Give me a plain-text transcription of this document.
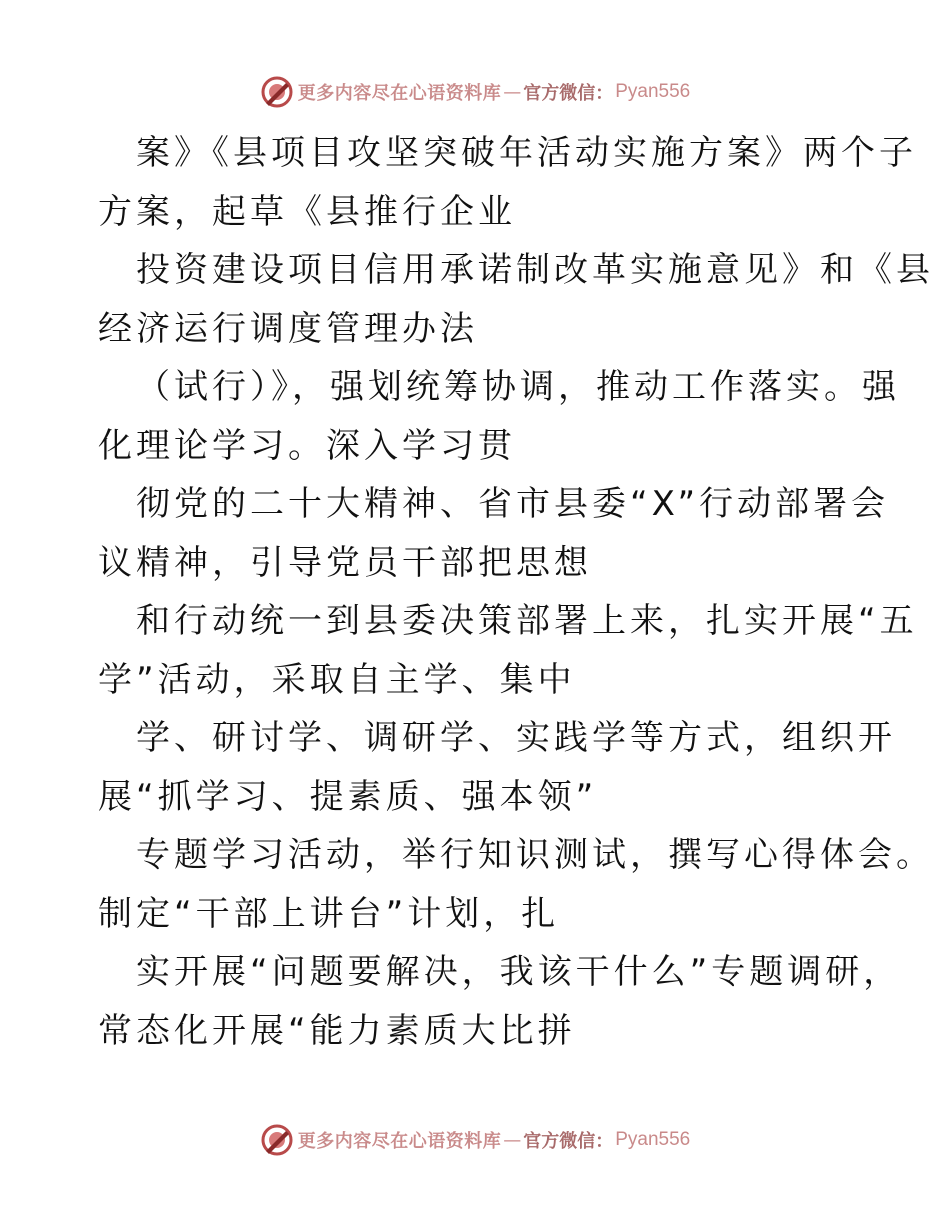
更多内容尽在心语资料库 — 官方微信： Pyan556
案》《县项目攻坚突破年活动实施方案》两个子
方案，起草《县推行企业
投资建设项目信用承诺制改革实施意见》和《县
经济运行调度管理办法
（试行）》，强划统筹协调，推动工作落实。强
化理论学习。深入学习贯
彻党的二十大精神、省市县委“X”行动部署会
议精神，引导党员干部把思想
和行动统一到县委决策部署上来，扎实开展“五
学”活动，采取自主学、集中
学、研讨学、调研学、实践学等方式，组织开
展“抓学习、提素质、强本领”
专题学习活动，举行知识测试，撰写心得体会。
制定“干部上讲台”计划，扎
实开展“问题要解决，我该干什么”专题调研，
常态化开展“能力素质大比拼
更多内容尽在心语资料库 — 官方微信： Pyan556
